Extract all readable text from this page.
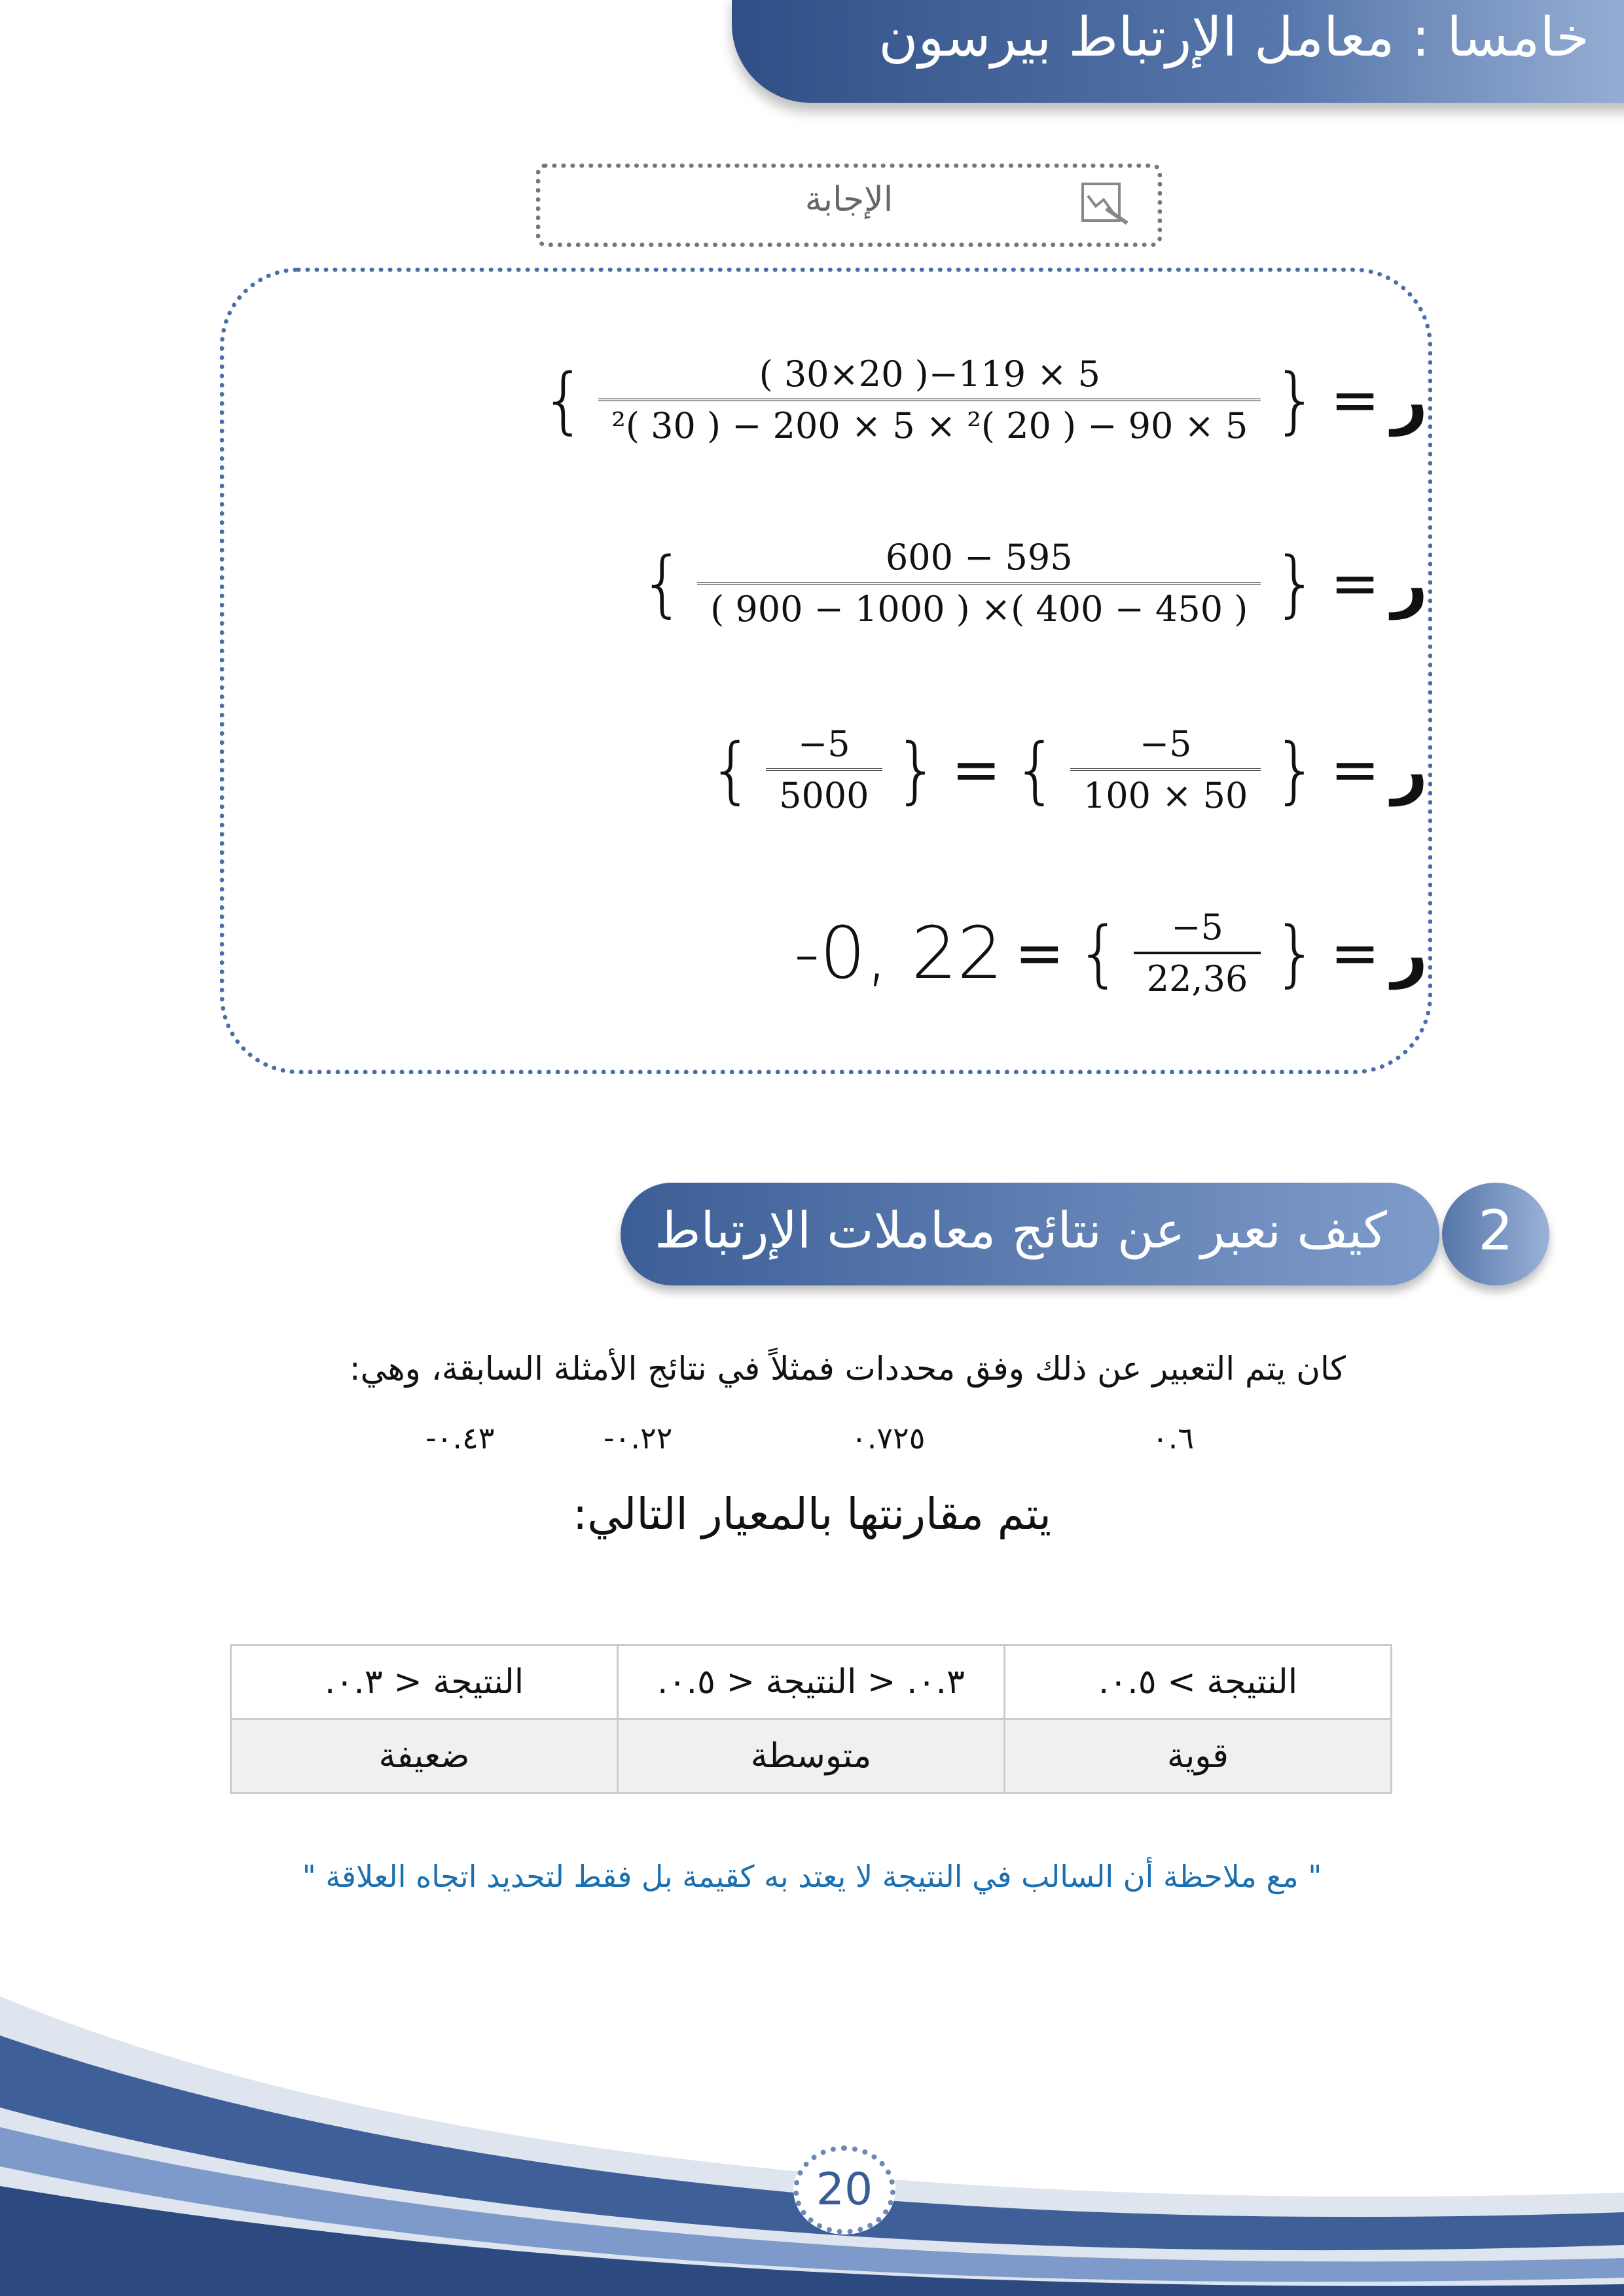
خامسا : معامل الإرتباط بيرسون
الإجابة
{ $\frac{( 30\times 20 )-119 \times 5}{\text{²( 30 ) − 200 × 5 × ²( 20 ) − 90 × 5}}$ } = ر
{ $\frac{600 - 595}{( 900 - 1000 ) \times( 400 - 450 )}$ } = ر
{ $\frac{-5}{5000}$ } = { $\frac{-5}{100 \times 50}$ } = ر
-0, 22 = { $\frac{-5}{22,36}$ } = ر
كيف نعبر عن نتائج معاملات الإرتباط	2
كان يتم التعبير عن ذلك وفق محددات فمثلاً في نتائج الأمثلة السابقة، وهي:
٠.٦
٠.٧٢٥
٠.٢٢-
٠.٤٣-
يتم مقارنتها بالمعيار التالي:
النتيجة > ٠.٥.	٠.٣. < النتيجة < ٠.٥.	النتيجة < ٠.٣.
قوية	متوسطة	ضعيفة
" مع ملاحظة أن السالب في النتيجة لا يعتد به كقيمة بل فقط لتحديد اتجاه العلاقة "
20
